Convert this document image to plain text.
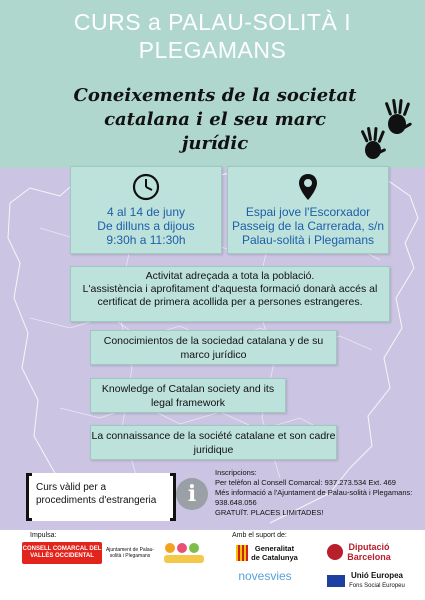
CURS a PALAU-SOLITÀ I PLEGAMANS
Coneixements de la societat catalana i el seu marc jurídic
4 al 14 de juny
De dilluns a dijous
9:30h a 11:30h
Espai jove l'Escorxador
Passeig de la Carrerada, s/n
Palau-solità i Plegamans
Activitat adreçada a tota la població.
L'assistència i aprofitament d'aquesta formació donarà accés al certificat de primera acollida per a persones estrangeres.
Conocimientos de la sociedad catalana y de su marco jurídico
Knowledge of Catalan society and its legal framework
La connaissance de la société catalane et son cadre juridique
Curs vàlid per a procediments d'estrangeria	i
Inscripcions:
Per telèfon al Consell Comarcal: 937.273.534 Ext. 469
Més informació a l'Ajuntament de Palau-solità i Plegamans: 938.648.056
GRATUÏT. PLACES LIMITADES!
Impulsa:	Amb el suport de:
CONSELL COMARCAL DEL VALLÈS OCCIDENTAL
Ajuntament de Palau-solità i Plegamans
Generalitat
de Catalunya
Diputació
Barcelona
novesvies	Unió Europea
Fons Social Europeu
